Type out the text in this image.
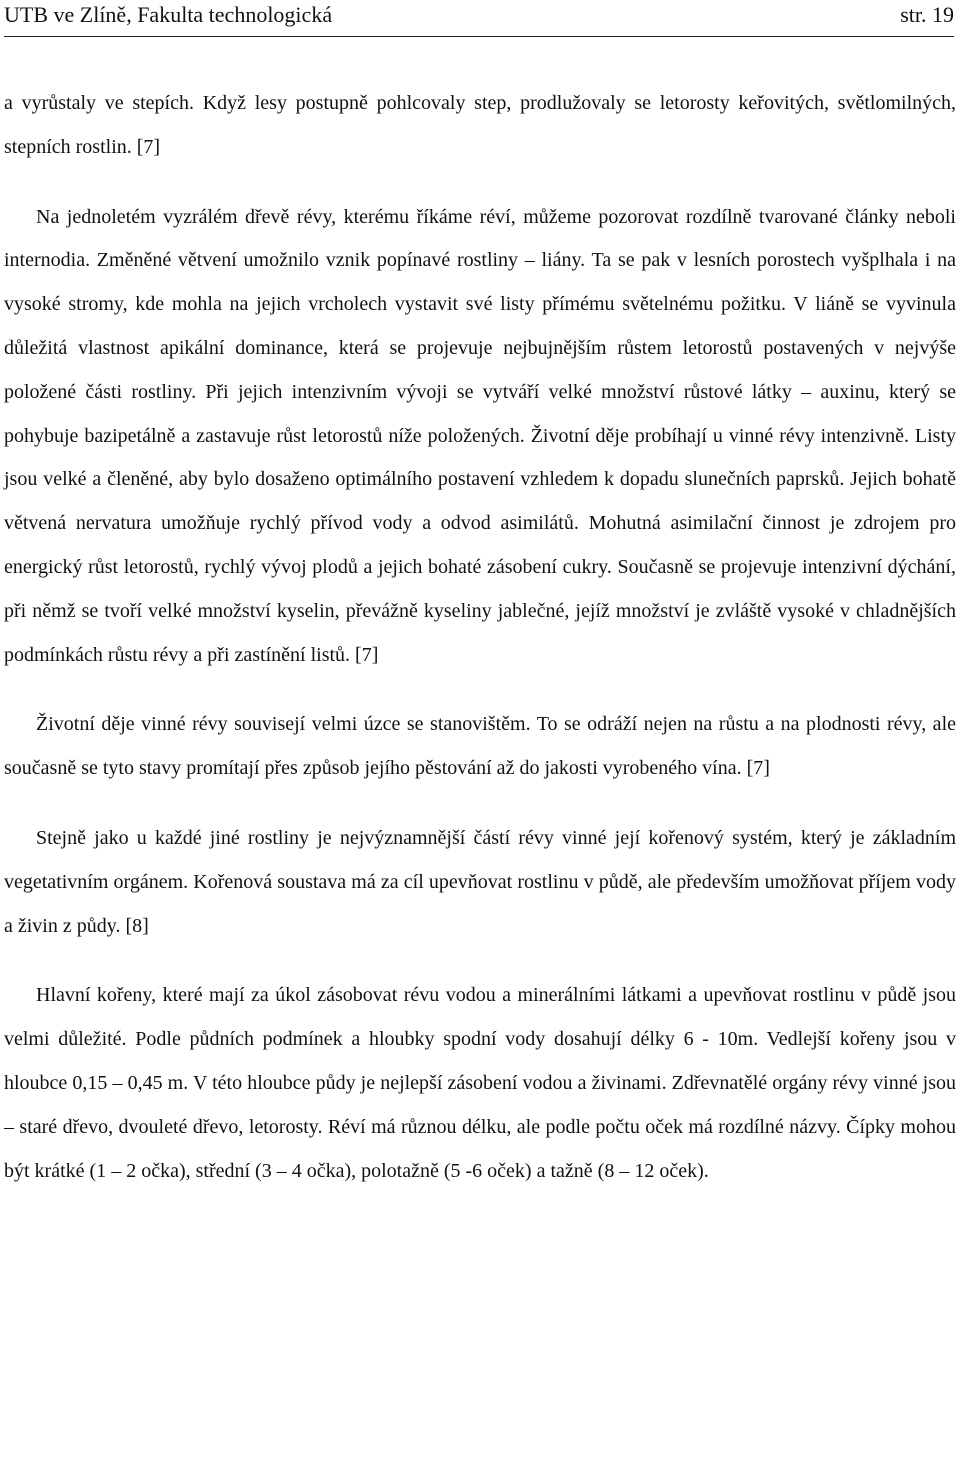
UTB ve Zlíně, Fakulta technologická	str. 19

a vyrůstaly ve stepích. Když lesy postupně pohlcovaly step, prodlužovaly se letorosty keřovitých, světlomilných, stepních rostlin. [7]

Na jednoletém vyzrálém dřevě révy, kterému říkáme réví, můžeme pozorovat rozdílně tvarované články neboli internodia. Změněné větvení umožnilo vznik popínavé rostliny – liány. Ta se pak v lesních porostech vyšplhala i na vysoké stromy, kde mohla na jejich vrcholech vystavit své listy přímému světelnému požitku. V liáně se vyvinula důležitá vlastnost apikální dominance, která se projevuje nejbujnějším růstem letorostů postavených v nejvýše položené části rostliny. Při jejich intenzivním vývoji se vytváří velké množství růstové látky – auxinu, který se pohybuje bazipetálně a zastavuje růst letorostů níže položených. Životní děje probíhají u vinné révy intenzivně. Listy jsou velké a členěné, aby bylo dosaženo optimálního postavení vzhledem k dopadu slunečních paprsků. Jejich bohatě větvená nervatura umožňuje rychlý přívod vody a odvod asimilátů. Mohutná asimilační činnost je zdrojem pro energický růst letorostů, rychlý vývoj plodů a jejich bohaté zásobení cukry. Současně se projevuje intenzivní dýchání, při němž se tvoří velké množství kyselin, převážně kyseliny jablečné, jejíž množství je zvláště vysoké v chladnějších podmínkách růstu révy a při zastínění listů. [7]

Životní děje vinné révy souvisejí velmi úzce se stanovištěm. To se odráží nejen na růstu a na plodnosti révy, ale současně se tyto stavy promítají přes způsob jejího pěstování až do jakosti vyrobeného vína. [7]

Stejně jako u každé jiné rostliny je nejvýznamnější částí révy vinné její kořenový systém, který je základním vegetativním orgánem. Kořenová soustava má za cíl upevňovat rostlinu v půdě, ale především umožňovat příjem vody a živin z půdy. [8]

Hlavní kořeny, které mají za úkol zásobovat révu vodou a minerálními látkami a upevňovat rostlinu v půdě jsou velmi důležité. Podle půdních podmínek a hloubky spodní vody dosahují délky 6 - 10m. Vedlejší kořeny jsou v hloubce 0,15 – 0,45 m. V této hloubce půdy je nejlepší zásobení vodou a živinami. Zdřevnatělé orgány révy vinné jsou – staré dřevo, dvouleté dřevo, letorosty. Réví má různou délku, ale podle počtu oček má rozdílné názvy. Čípky mohou být krátké (1 – 2 očka), střední (3 – 4 očka), polotažně (5 -6 oček) a tažně (8 – 12 oček).
